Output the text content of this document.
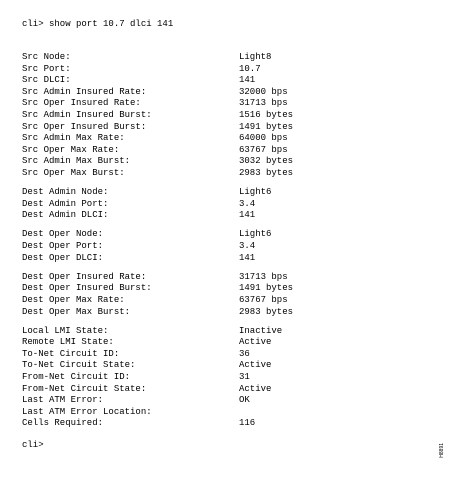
cli> show port 10.7 dlci 141
Src Node:	Light8
Src Port:	10.7
Src DLCI:	141
Src Admin Insured Rate:	32000 bps
Src Oper Insured Rate:	31713 bps
Src Admin Insured Burst:	1516 bytes
Src Oper Insured Burst:	1491 bytes
Src Admin Max Rate:	64000 bps
Src Oper Max Rate:	63767 bps
Src Admin Max Burst:	3032 bytes
Src Oper Max Burst:	2983 bytes
Dest Admin Node:	Light6
Dest Admin Port:	3.4
Dest Admin DLCI:	141
Dest Oper Node:	Light6
Dest Oper Port:	3.4
Dest Oper DLCI:	141
Dest Oper Insured Rate:	31713 bps
Dest Oper Insured Burst:	1491 bytes
Dest Oper Max Rate:	63767 bps
Dest Oper Max Burst:	2983 bytes
Local LMI State:	Inactive
Remote LMI State:	Active
To-Net Circuit ID:	36
To-Net Circuit State:	Active
From-Net Circuit ID:	31
From-Net Circuit State:	Active
Last ATM Error:	OK
Last ATM Error Location:
Cells Required:	116
cli>	H8891
